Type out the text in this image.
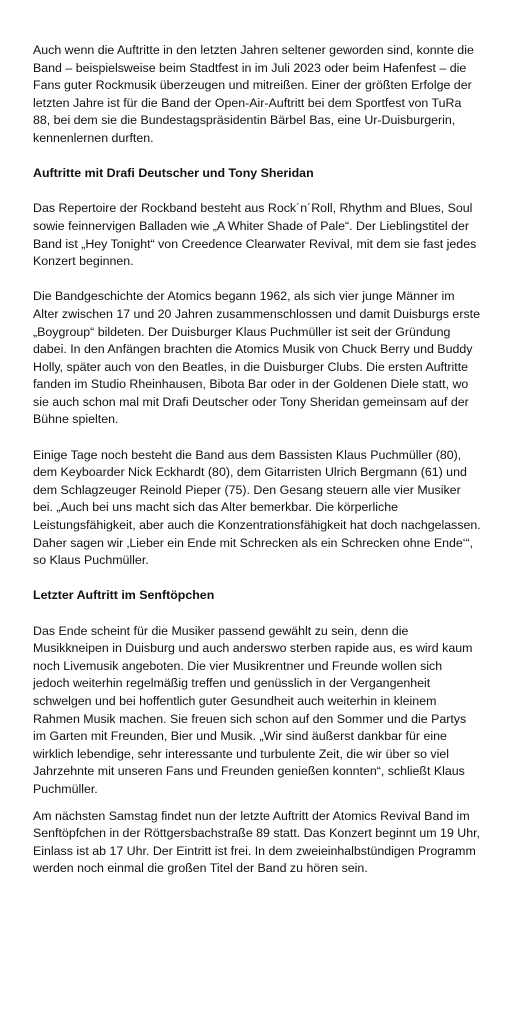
Auch wenn die Auftritte in den letzten Jahren seltener geworden sind, konnte die Band – beispielsweise beim Stadtfest in im Juli 2023 oder beim Hafenfest – die Fans guter Rockmusik überzeugen und mitreißen. Einer der größten Erfolge der letzten Jahre ist für die Band der Open-Air-Auftritt bei dem Sportfest von TuRa 88, bei dem sie die Bundestagspräsidentin Bärbel Bas, eine Ur-Duisburgerin, kennenlernen durften.

Auftritte mit Drafi Deutscher und Tony Sheridan

Das Repertoire der Rockband besteht aus Rock´n´Roll, Rhythm and Blues, Soul sowie feinnervigen Balladen wie „A Whiter Shade of Pale“. Der Lieblingstitel der Band ist „Hey Tonight“ von Creedence Clearwater Revival, mit dem sie fast jedes Konzert beginnen.

Die Bandgeschichte der Atomics begann 1962, als sich vier junge Männer im Alter zwischen 17 und 20 Jahren zusammenschlossen und damit Duisburgs erste „Boygroup“ bildeten. Der Duisburger Klaus Puchmüller ist seit der Gründung dabei. In den Anfängen brachten die Atomics Musik von Chuck Berry und Buddy Holly, später auch von den Beatles, in die Duisburger Clubs. Die ersten Auftritte fanden im Studio Rheinhausen, Bibota Bar oder in der Goldenen Diele statt, wo sie auch schon mal mit Drafi Deutscher oder Tony Sheridan gemeinsam auf der Bühne spielten.

Einige Tage noch besteht die Band aus dem Bassisten Klaus Puchmüller (80), dem Keyboarder Nick Eckhardt (80), dem Gitarristen Ulrich Bergmann (61) und dem Schlagzeuger Reinold Pieper (75). Den Gesang steuern alle vier Musiker bei. „Auch bei uns macht sich das Alter bemerkbar. Die körperliche Leistungsfähigkeit, aber auch die Konzentrationsfähigkeit hat doch nachgelassen. Daher sagen wir ‚Lieber ein Ende mit Schrecken als ein Schrecken ohne Ende‘“, so Klaus Puchmüller.

Letzter Auftritt im Senftöpchen

Das Ende scheint für die Musiker passend gewählt zu sein, denn die Musikkneipen in Duisburg und auch anderswo sterben rapide aus, es wird kaum noch Livemusik angeboten. Die vier Musikrentner und Freunde wollen sich jedoch weiterhin regelmäßig treffen und genüsslich in der Vergangenheit schwelgen und bei hoffentlich guter Gesundheit auch weiterhin in kleinem Rahmen Musik machen. Sie freuen sich schon auf den Sommer und die Partys im Garten mit Freunden, Bier und Musik. „Wir sind äußerst dankbar für eine wirklich lebendige, sehr interessante und turbulente Zeit, die wir über so viel Jahrzehnte mit unseren Fans und Freunden genießen konnten“, schließt Klaus Puchmüller.

Am nächsten Samstag findet nun der letzte Auftritt der Atomics Revival Band im Senftöpfchen in der Röttgersbachstraße 89 statt. Das Konzert beginnt um 19 Uhr, Einlass ist ab 17 Uhr. Der Eintritt ist frei. In dem zweieinhalbstündigen Programm werden noch einmal die großen Titel der Band zu hören sein.
